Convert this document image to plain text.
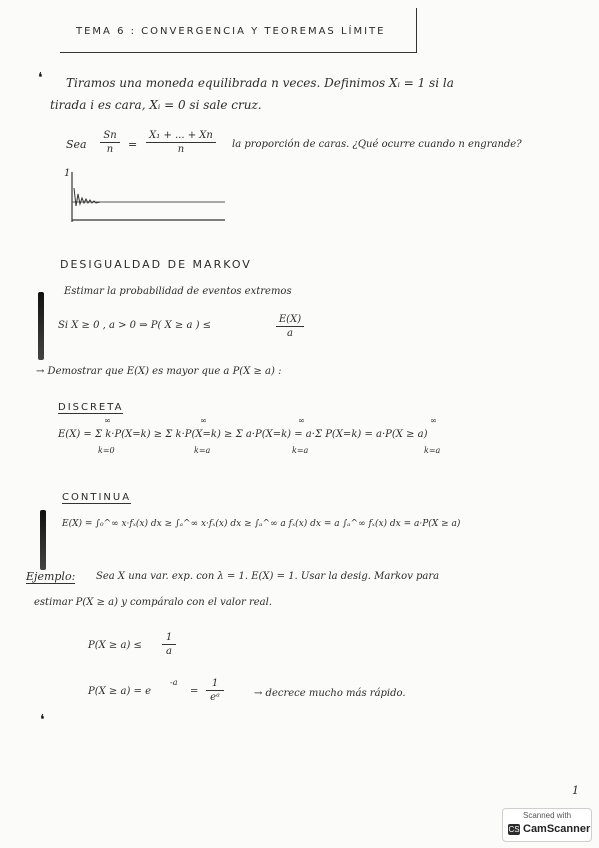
TEMA 6 : CONVERGENCIA Y TEOREMAS LÍMITE
❛ Tiramos una moneda equilibrada n veces. Definimos Xᵢ = 1 si la
tirada i es cara, Xᵢ = 0 si sale cruz.
Sea
Sn
n	=
X₁ + ... + Xn
n	la proporción de caras. ¿Qué ocurre cuando n engrande?
1
DESIGUALDAD DE MARKOV
Estimar la probabilidad de eventos extremos
Si X ≥ 0 , a > 0 ⇒ P( X ≥ a ) ≤
E(X)
a
→ Demostrar que E(X) es mayor que a P(X ≥ a) :
DISCRETA
E(X) = Σ k·P(X=k) ≥ Σ k·P(X=k) ≥ Σ a·P(X=k) = a·Σ P(X=k) = a·P(X ≥ a)
∞
k=0
∞
k=a
∞
k=a
∞
k=a
CONTINUA
E(X) = ∫₀^∞ x·fₓ(x) dx ≥ ∫ₐ^∞ x·fₓ(x) dx ≥ ∫ₐ^∞ a fₓ(x) dx = a ∫ₐ^∞ fₓ(x) dx = a·P(X ≥ a)
Ejemplo: Sea X una var. exp. con λ = 1. E(X) = 1. Usar la desig. Markov para
estimar P(X ≥ a) y compáralo con el valor real.
P(X ≥ a) ≤
1
a
P(X ≥ a) = e
-a
=
1
eᵃ	→ decrece mucho más rápido.
❛
1
Scanned with
CS CamScanner
